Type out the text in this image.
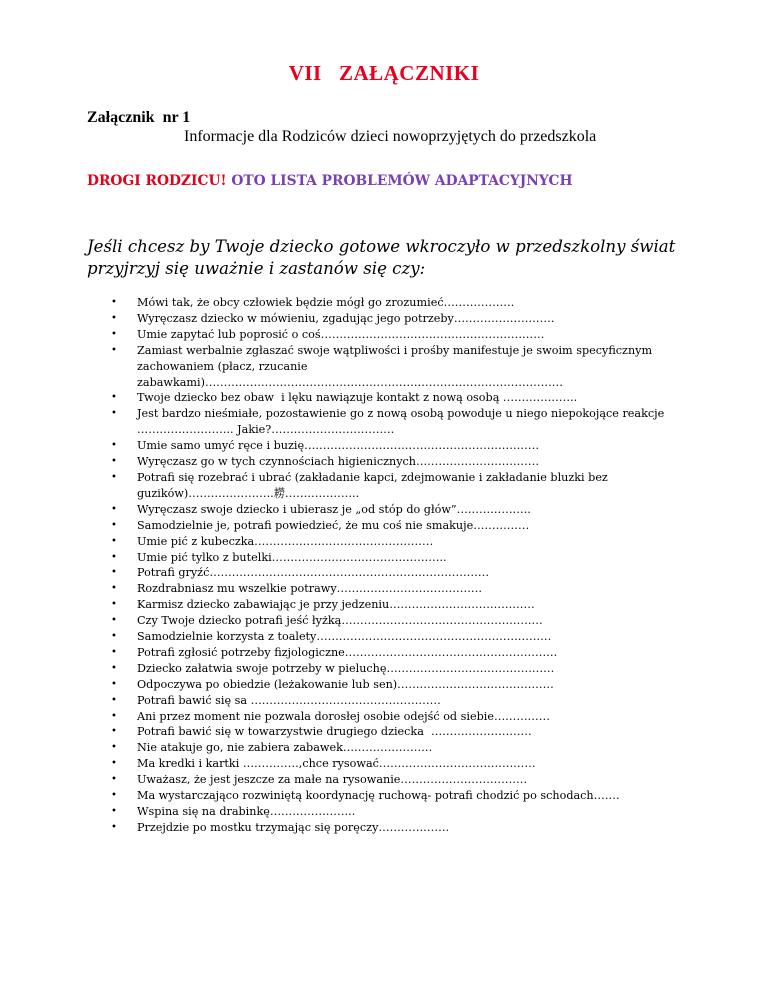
VII   ZAŁĄCZNIKI
Załącznik  nr 1
Informacje dla Rodziców dzieci nowoprzyjętych do przedszkola
DROGI RODZICU! OTO LISTA PROBLEMÓW ADAPTACYJNYCH
Jeśli chcesz by Twoje dziecko gotowe wkroczyło w przedszkolny świat przyjrzyj się uważnie i zastanów się czy:
• Mówi tak, że obcy człowiek będzie mógł go zrozumieć……………….
• Wyręczasz dziecko w mówieniu, zgadując jego potrzeby………………………
• Umie zapytać lub poprosić o coś……………………………………………………
• Zamiast werbalnie zgłaszać swoje wątpliwości i prośby manifestuje je swoim specyficznym zachowaniem (płacz, rzucanie zabawkami)……………………………………………………………………………………
• Twoje dziecko bez obaw  i lęku nawiązuje kontakt z nową osobą ………………..
• Jest bardzo nieśmiałe, pozostawienie go z nową osobą powoduje u niego niepokojące reakcje …………………….. Jakie?……………………………
• Umie samo umyć ręce i buzię………………………………………………………
• Wyręczasz go w tych czynnościach higienicznych……………………………
• Potrafi się rozebrać i ubrać (zakładanie kapci, zdejmowanie i zakładanie bluzki bez guzików)…………………..耮………………..
• Wyręczasz swoje dziecko i ubierasz je „od stóp do głów”………………..
• Samodzielnie je, potrafi powiedzieć, że mu coś nie smakuje……………
• Umie pić z kubeczka…………………………………………
• Umie pić tylko z butelki………………………………………..
• Potrafi gryźć…………………………………………………………………
• Rozdrabniasz mu wszelkie potrawy…………………………………
• Karmisz dziecko zabawiając je przy jedzeniu…………………………………
• Czy Twoje dziecko potrafi jeść łyżką………………………………………………
• Samodzielnie korzysta z toalety………………………………………………………
• Potrafi zgłosić potrzeby fizjologiczne…………………………………………………
• Dziecko załatwia swoje potrzeby w pieluchę………………………………………
• Odpoczywa po obiedzie (leżakowanie lub sen)……………………………………
• Potrafi bawić się sa ……………………………………………
• Ani przez moment nie pozwala dorosłej osobie odejść od siebie……………
• Potrafi bawić się w towarzystwie drugiego dziecka  ………………………
• Nie atakuje go, nie zabiera zabawek……………………
• Ma kredki i kartki ……………,chce rysować……………………………………
• Uważasz, że jest jeszcze za małe na rysowanie…………………………….
• Ma wystarczająco rozwiniętą koordynację ruchową- potrafi chodzić po schodach…….
• Wspina się na drabinkę…………………..
• Przejdzie po mostku trzymając się poręczy……………….
